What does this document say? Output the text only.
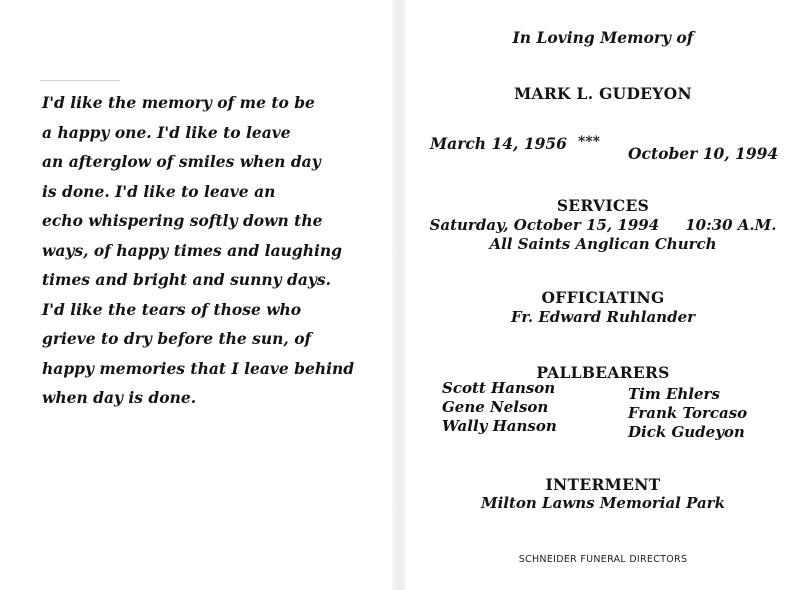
I'd like the memory of me to be
a happy one. I'd like to leave
an afterglow of smiles when day
is done. I'd like to leave an
echo whispering softly down the
ways, of happy times and laughing
times and bright and sunny days.
I'd like the tears of those who
grieve to dry before the sun, of
happy memories that I leave behind
when day is done.

In Loving Memory of

MARK L. GUDEYON

March 14, 1956 ***

October 10, 1994

SERVICES

Saturday, October 15, 1994     10:30 A.M.

All Saints Anglican Church

OFFICIATING

Fr. Edward Ruhlander

PALLBEARERS

Scott Hanson

Gene Nelson

Wally Hanson

Tim Ehlers

Frank Torcaso

Dick Gudeyon

INTERMENT

Milton Lawns Memorial Park

SCHNEIDER FUNERAL DIRECTORS
